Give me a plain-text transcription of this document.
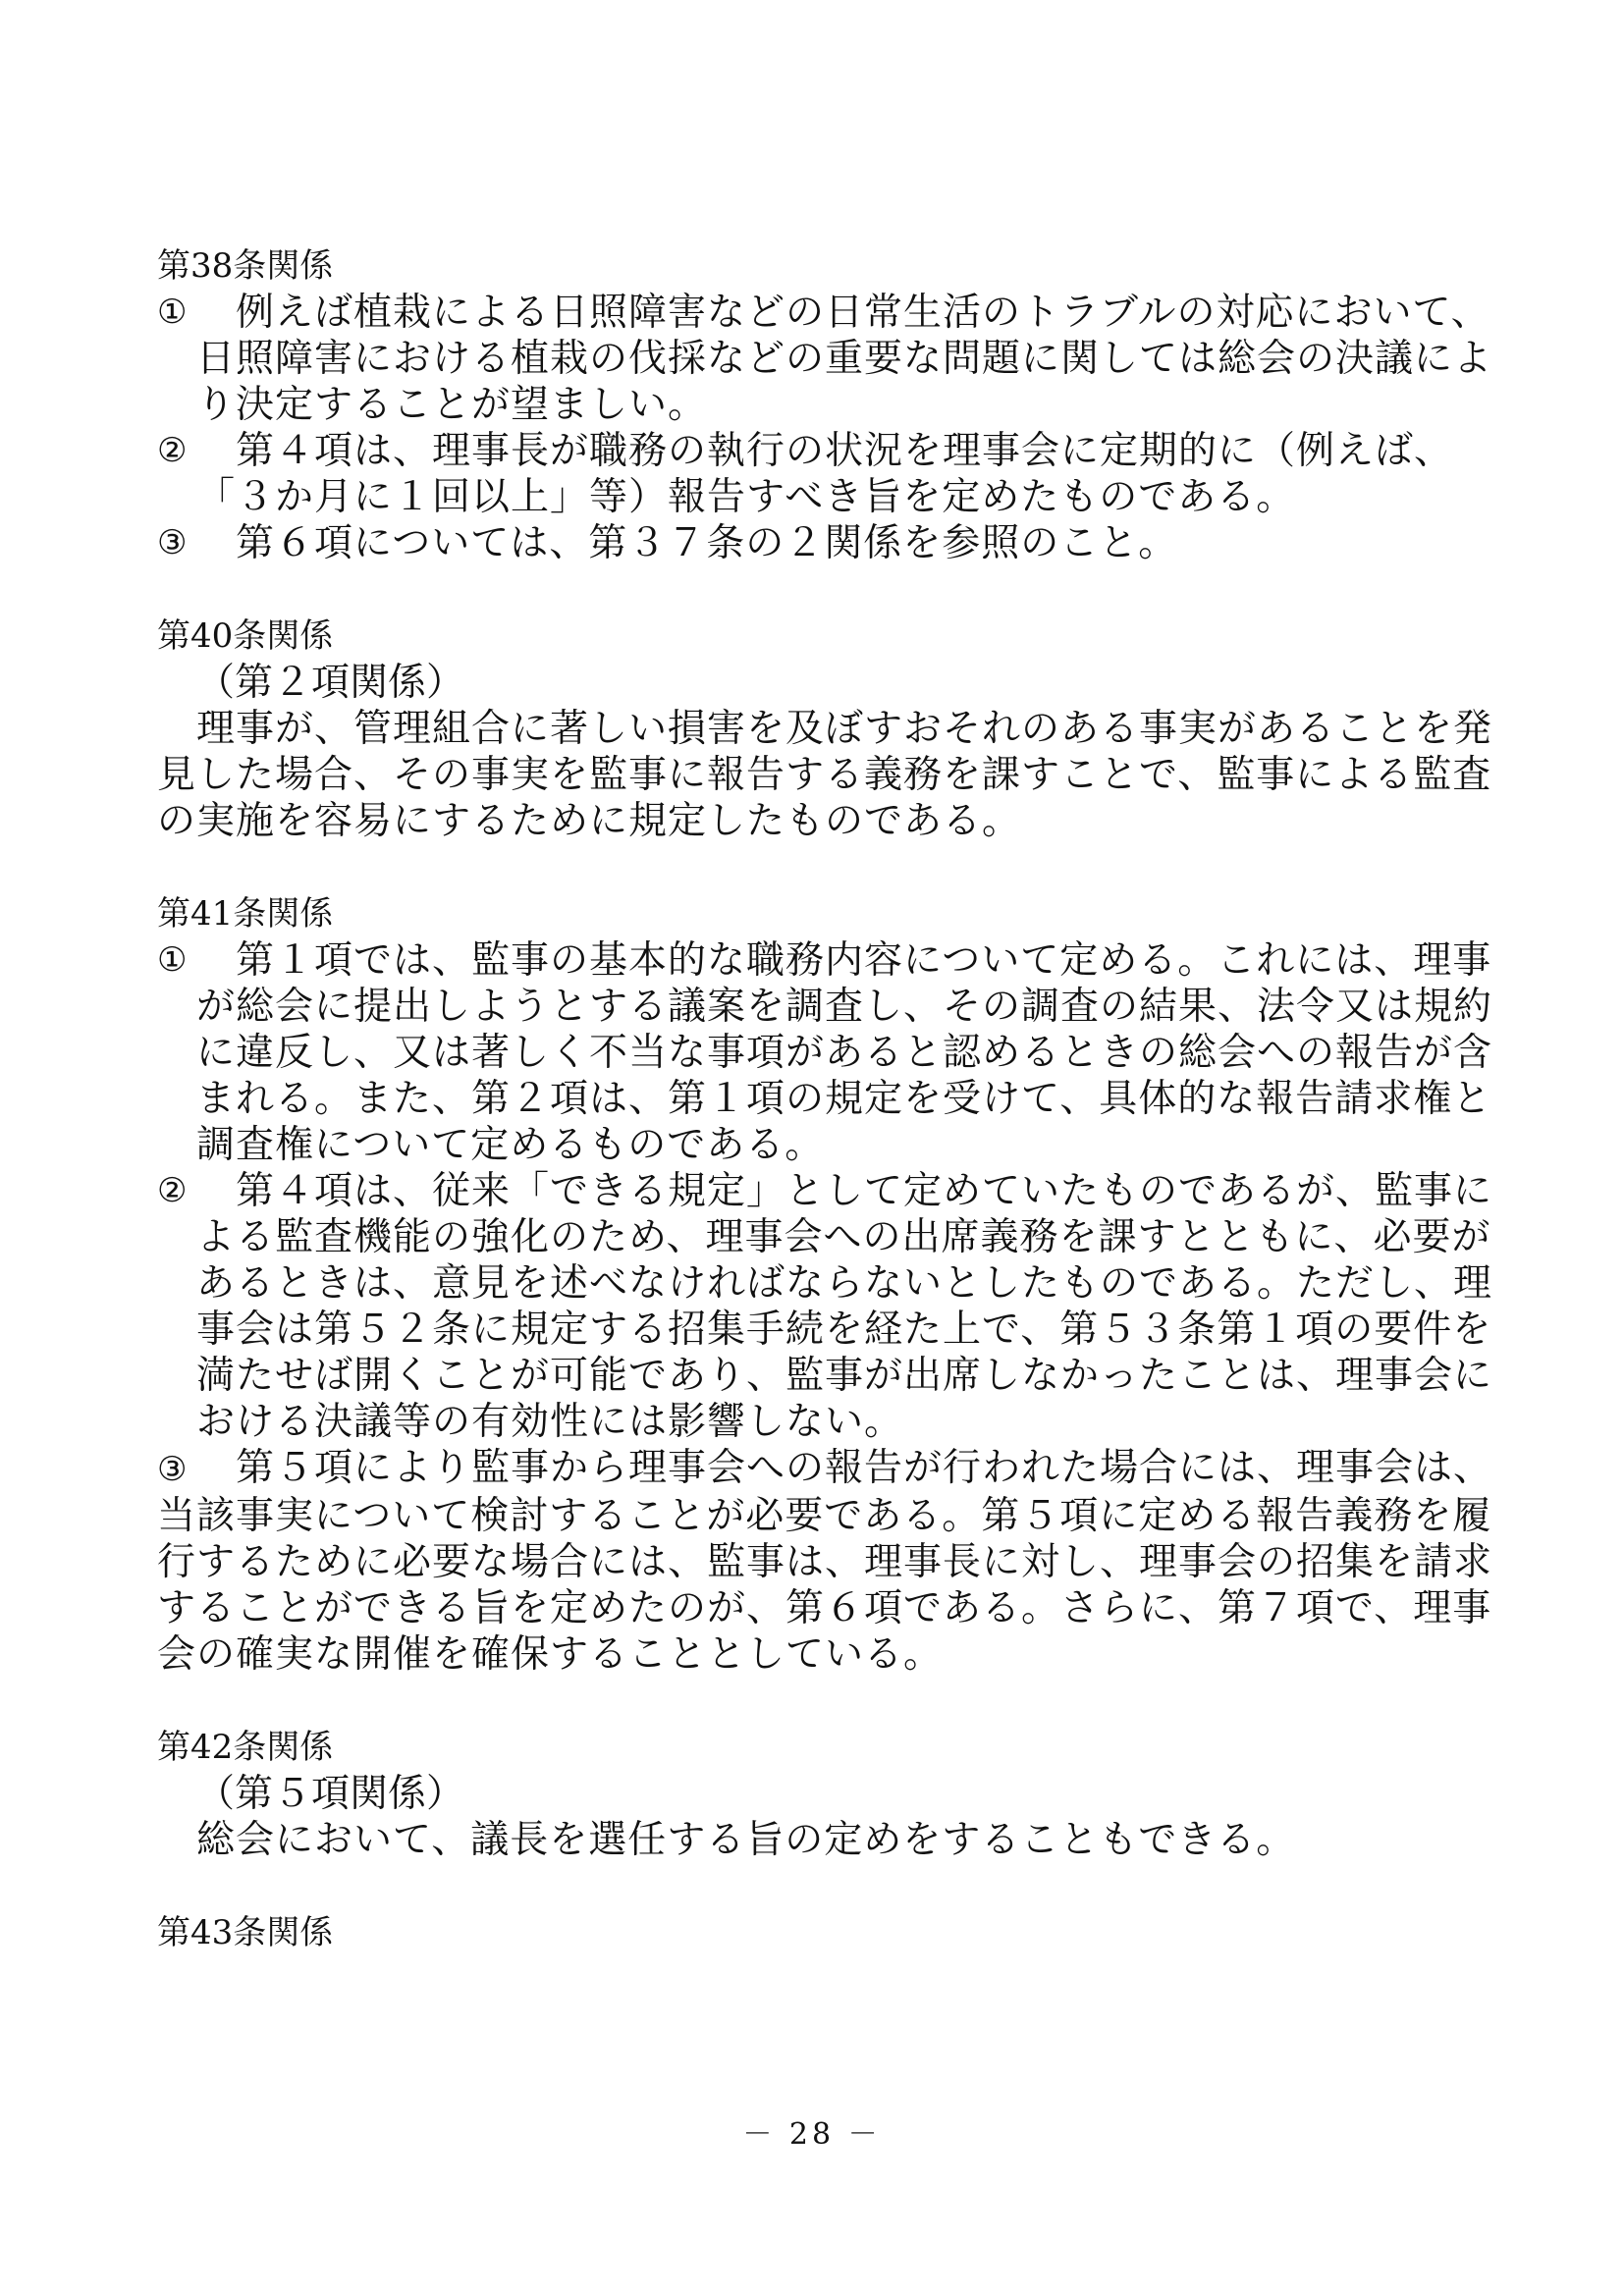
第38条関係
① 　例えば植栽による日照障害などの日常生活のトラブルの対応において、日照障害における植栽の伐採などの重要な問題に関しては総会の決議により決定することが望ましい。
② 　第４項は、理事長が職務の執行の状況を理事会に定期的に（例えば、「３か月に１回以上」等）報告すべき旨を定めたものである。
③ 　第６項については、第３７条の２関係を参照のこと。
第40条関係
（第２項関係）
理事が、管理組合に著しい損害を及ぼすおそれのある事実があることを発見した場合、その事実を監事に報告する義務を課すことで、監事による監査の実施を容易にするために規定したものである。
第41条関係
① 　第１項では、監事の基本的な職務内容について定める。これには、理事が総会に提出しようとする議案を調査し、その調査の結果、法令又は規約に違反し、又は著しく不当な事項があると認めるときの総会への報告が含まれる。また、第２項は、第１項の規定を受けて、具体的な報告請求権と調査権について定めるものである。
② 　第４項は、従来「できる規定」として定めていたものであるが、監事による監査機能の強化のため、理事会への出席義務を課すとともに、必要があるときは、意見を述べなければならないとしたものである。ただし、理事会は第５２条に規定する招集手続を経た上で、第５３条第１項の要件を満たせば開くことが可能であり、監事が出席しなかったことは、理事会における決議等の有効性には影響しない。
③　第５項により監事から理事会への報告が行われた場合には、理事会は、当該事実について検討することが必要である。第５項に定める報告義務を履行するために必要な場合には、監事は、理事長に対し、理事会の招集を請求することができる旨を定めたのが、第６項である。さらに、第７項で、理事会の確実な開催を確保することとしている。
第42条関係
（第５項関係）
総会において、議長を選任する旨の定めをすることもできる。
第43条関係
－ 28 －
